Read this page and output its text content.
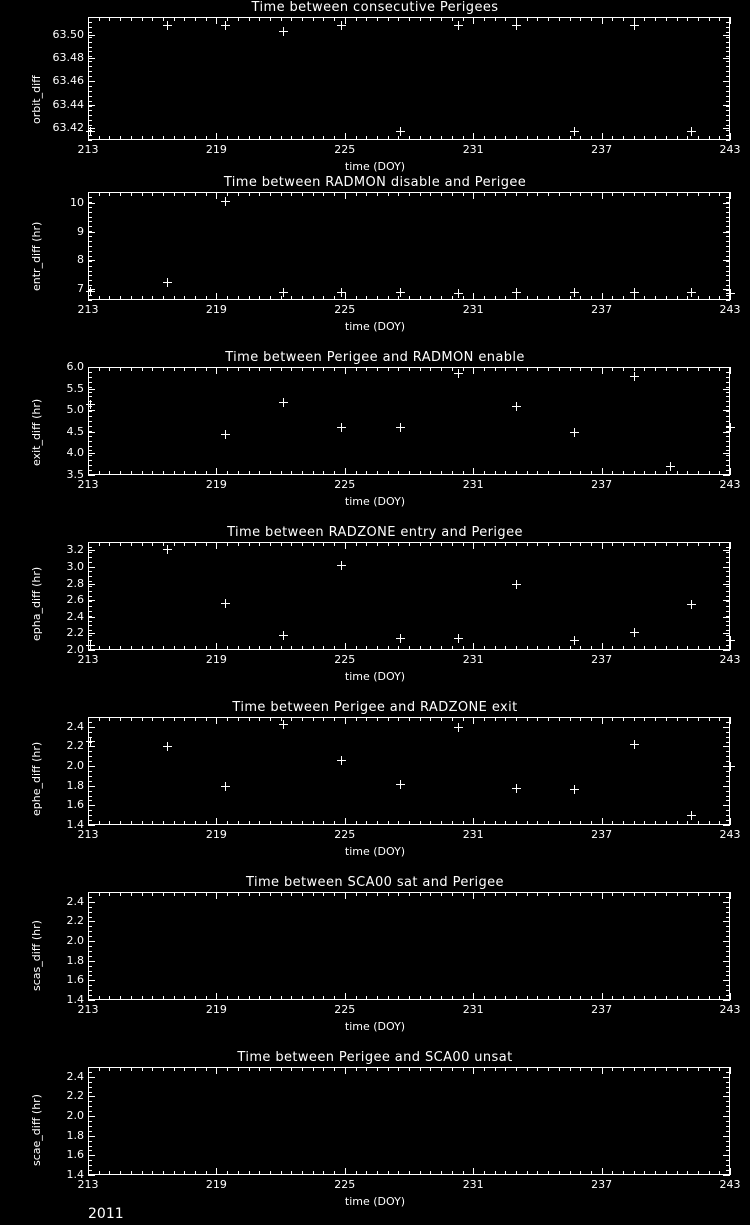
Time between consecutive Perigees
213	219	225	231	237	243
63.42
63.44
63.46
63.48
63.50
orbit_diff
time (DOY)
Time between RADMON disable and Perigee
213	219	225	231	237	243
7
8
9
10
entr_diff (hr)
time (DOY)
Time between Perigee and RADMON enable
213	219	225	231	237	243
3.5
4.0
4.5
5.0
5.5
6.0
exit_diff (hr)
time (DOY)
Time between RADZONE entry and Perigee
213	219	225	231	237	243
2.0
2.2
2.4
2.6
2.8
3.0
3.2
epha_diff (hr)
time (DOY)
Time between Perigee and RADZONE exit
213	219	225	231	237	243
1.4
1.6
1.8
2.0
2.2
2.4
ephe_diff (hr)
time (DOY)
Time between SCA00 sat and Perigee
213	219	225	231	237	243
1.4
1.6
1.8
2.0
2.2
2.4
scas_diff (hr)
time (DOY)
Time between Perigee and SCA00 unsat
213	219	225	231	237	243
1.4
1.6
1.8
2.0
2.2
2.4
scae_diff (hr)
time (DOY)
2011
